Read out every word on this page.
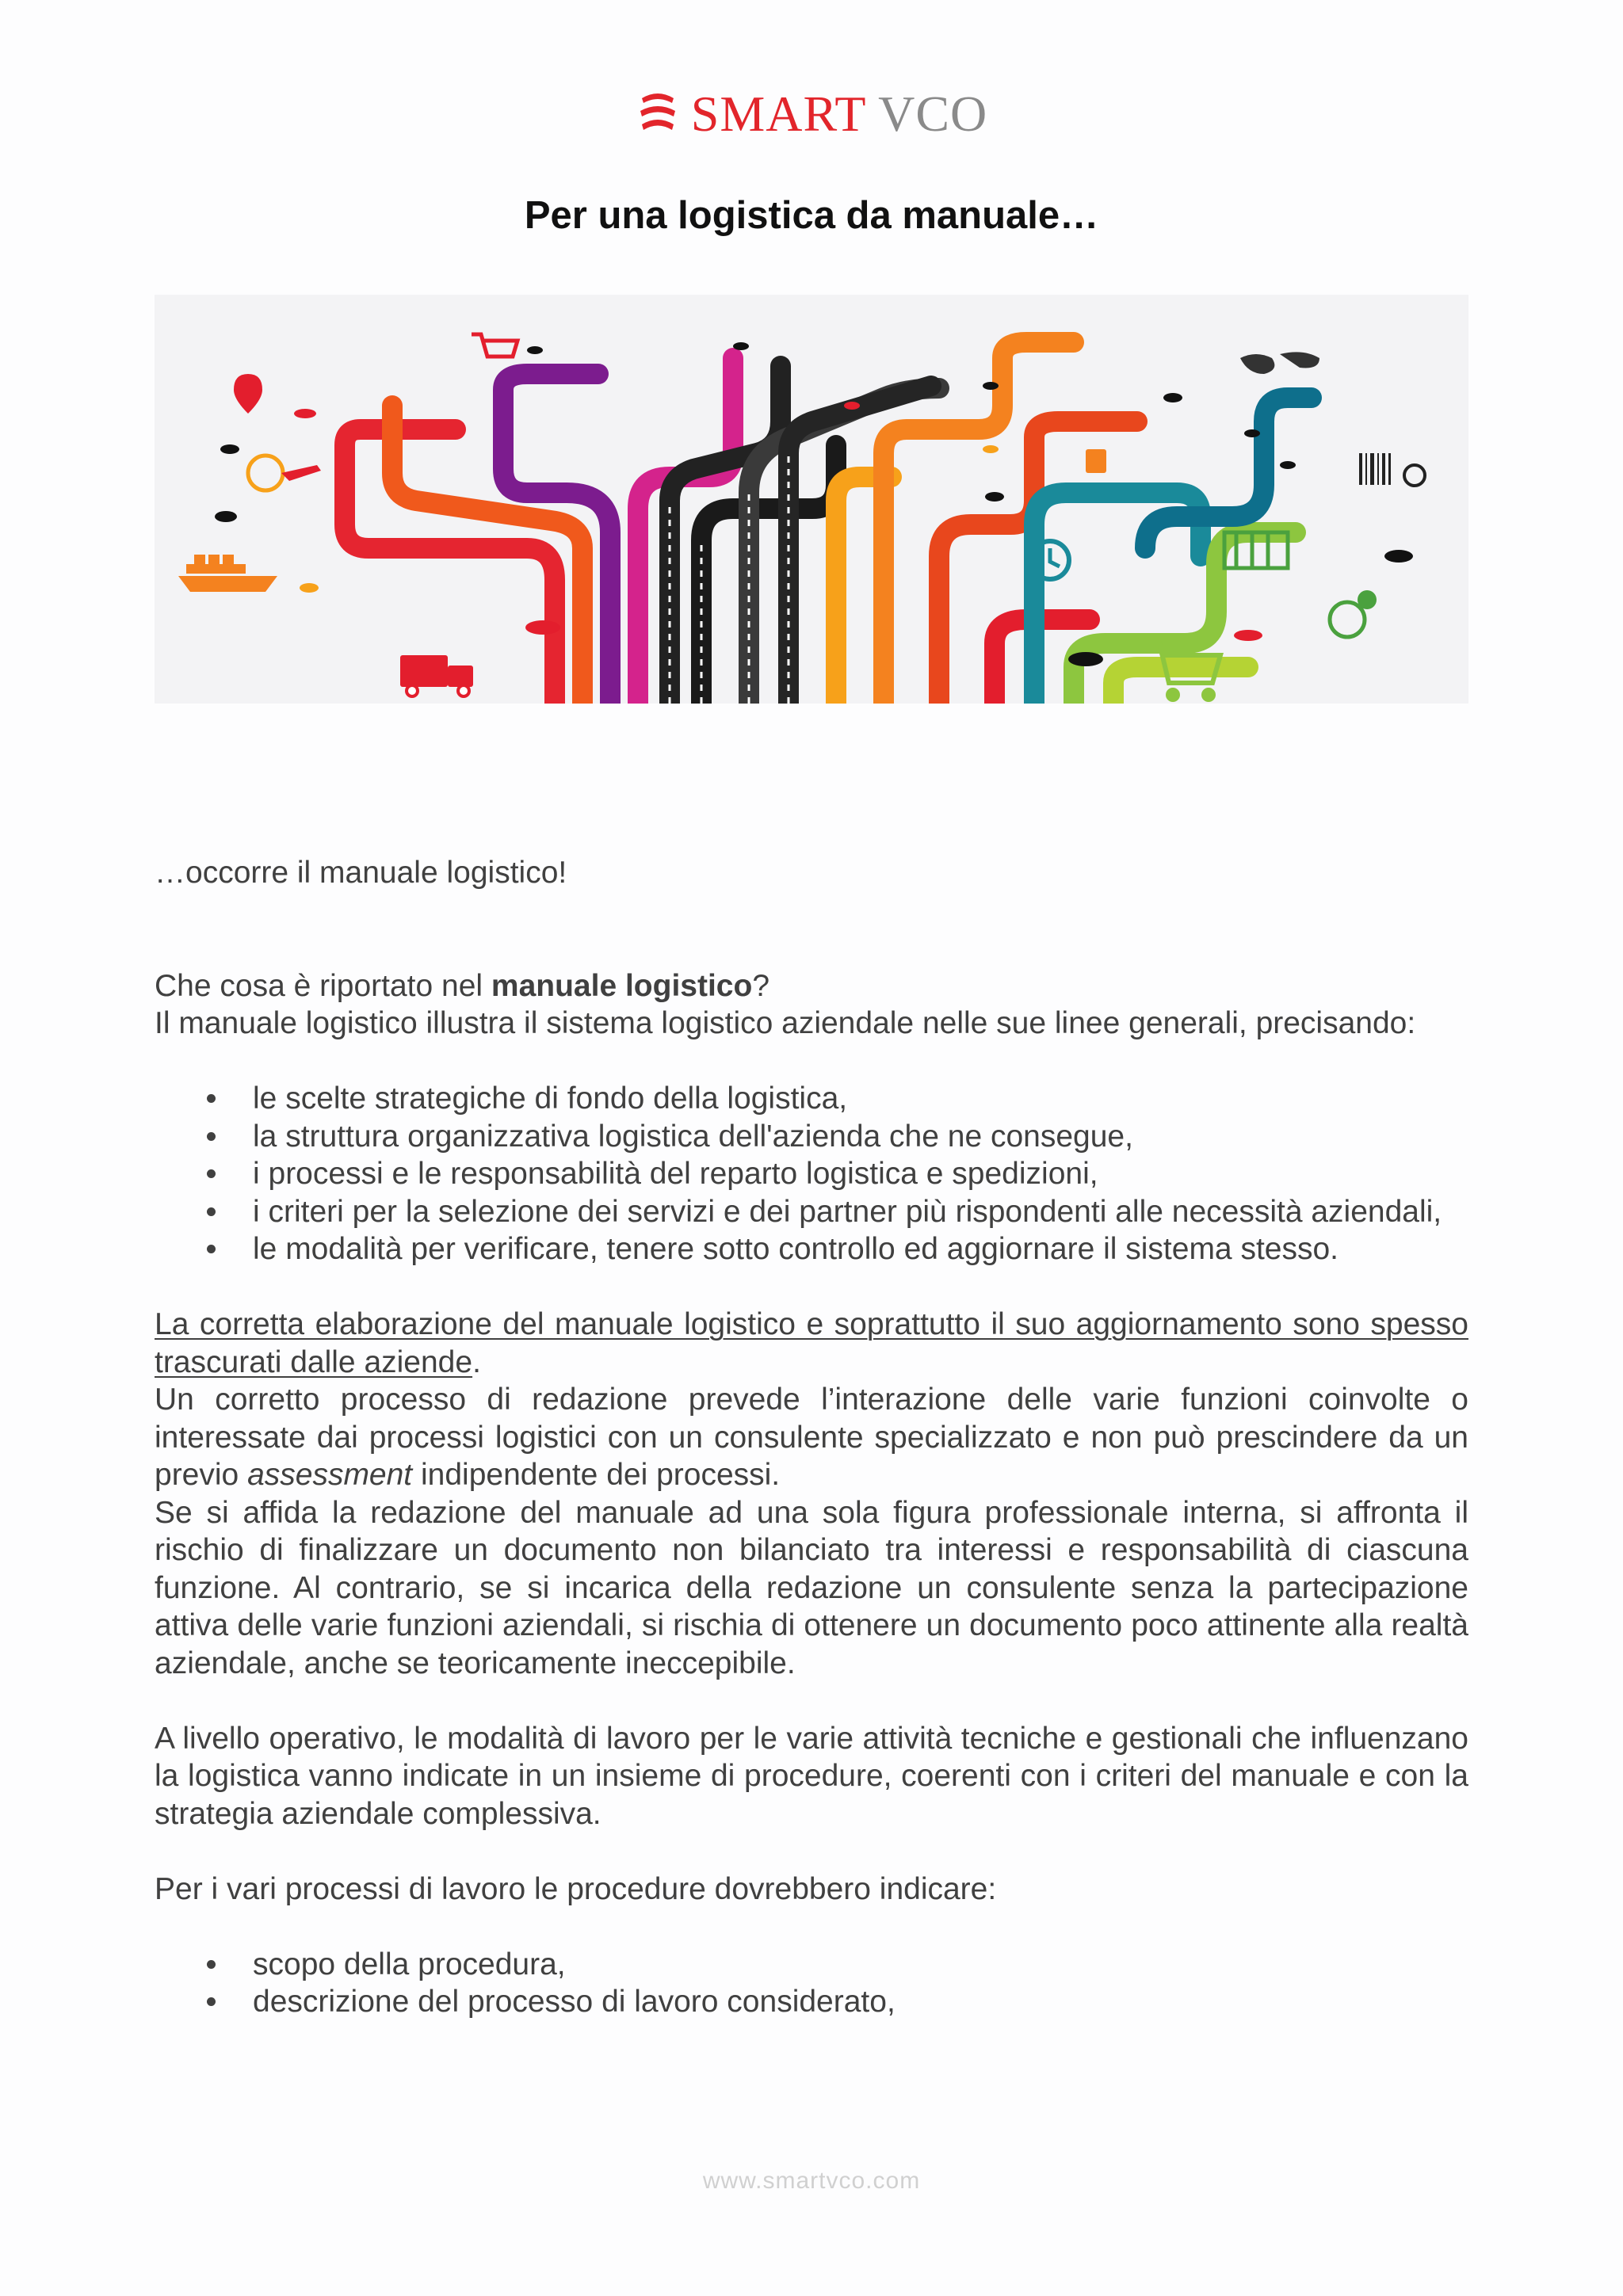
SMART VCO
Per una logistica da manuale…

…occorre il manuale logistico!

Che cosa è riportato nel manuale logistico?

Il manuale logistico illustra il sistema logistico aziendale nelle sue linee generali, precisando:

le scelte strategiche di fondo della logistica,
la struttura organizzativa logistica dell'azienda che ne consegue,
i processi e le responsabilità del reparto logistica e spedizioni,
i criteri per la selezione dei servizi e dei partner più rispondenti alle necessità aziendali,
le modalità per verificare, tenere sotto controllo ed aggiornare il sistema stesso.

La corretta elaborazione del manuale logistico e soprattutto il suo aggiornamento sono spesso trascurati dalle aziende.

Un corretto processo di redazione prevede l’interazione delle varie funzioni coinvolte o interessate dai processi logistici con un consulente specializzato e non può prescindere da un previo assessment indipendente dei processi.

Se si affida la redazione del manuale ad una sola figura professionale interna, si affronta il rischio di finalizzare un documento non bilanciato tra interessi e responsabilità di ciascuna funzione. Al contrario, se si incarica della redazione un consulente senza la partecipazione attiva delle varie funzioni aziendali, si rischia di ottenere un documento poco attinente alla realtà aziendale, anche se teoricamente ineccepibile.

A livello operativo, le modalità di lavoro per le varie attività tecniche e gestionali che influenzano la logistica vanno indicate in un insieme di procedure, coerenti con i criteri del manuale e con la strategia aziendale complessiva.

Per i vari processi di lavoro le procedure dovrebbero indicare:

scopo della procedura,
descrizione del processo di lavoro considerato,
www.smartvco.com
